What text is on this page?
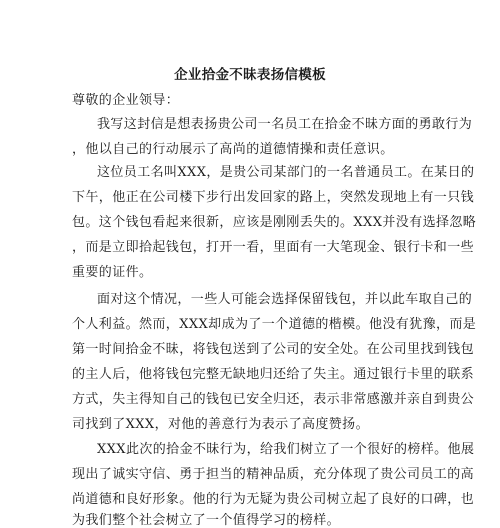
企业拾金不昧表扬信模板
尊敬的企业领导：
我写这封信是想表扬贵公司一名员工在拾金不昧方面的勇敢行为
，他以自己的行动展示了高尚的道德情操和责任意识。
这位员工名叫XXX，是贵公司某部门的一名普通员工。在某日的
下午，他正在公司楼下步行出发回家的路上，突然发现地上有一只钱
包。这个钱包看起来很新，应该是刚刚丢失的。XXX并没有选择忽略
，而是立即拾起钱包，打开一看，里面有一大笔现金、银行卡和一些
重要的证件。
面对这个情况，一些人可能会选择保留钱包，并以此车取自己的
个人利益。然而，XXX却成为了一个道德的楷模。他没有犹豫，而是
第一时间拾金不昧，将钱包送到了公司的安全处。在公司里找到钱包
的主人后，他将钱包完整无缺地归还给了失主。通过银行卡里的联系
方式，失主得知自己的钱包已安全归还，表示非常感激并亲自到贵公
司找到了XXX，对他的善意行为表示了高度赞扬。
XXX此次的拾金不昧行为，给我们树立了一个很好的榜样。他展
现出了诚实守信、勇于担当的精神品质，充分体现了贵公司员工的高
尚道德和良好形象。他的行为无疑为贵公司树立起了良好的口碑，也
为我们整个社会树立了一个值得学习的榜样。
